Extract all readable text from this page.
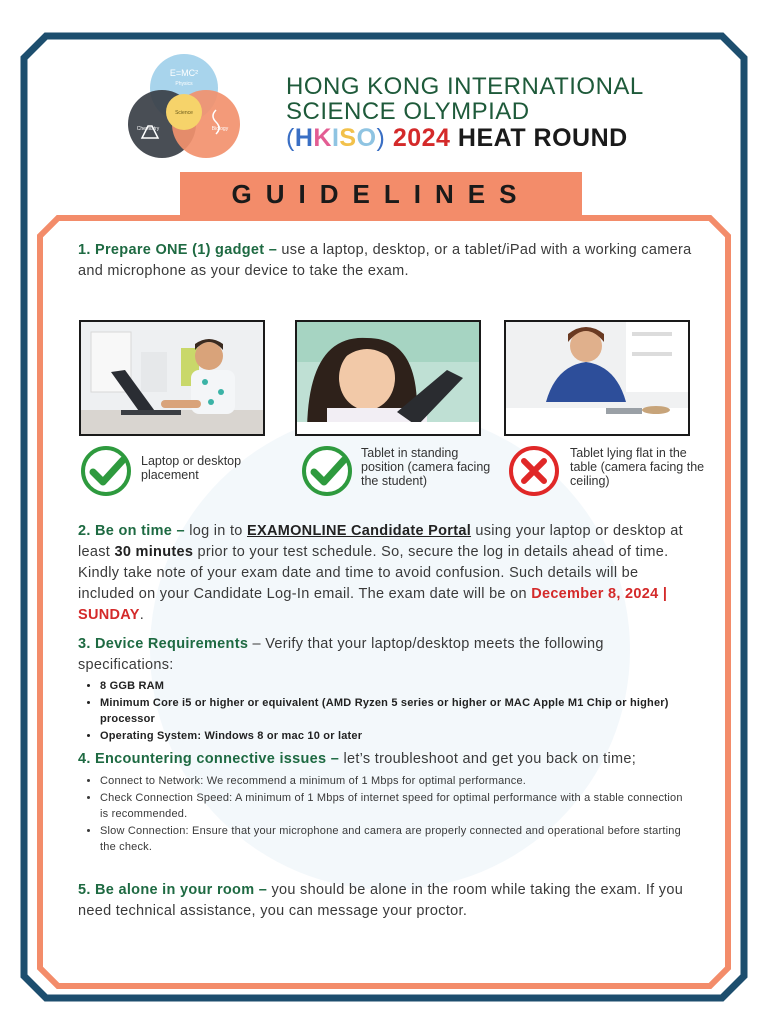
E=MC²
Physics
Chemistry	Biology
Science
HONG KONG INTERNATIONAL
SCIENCE OLYMPIAD
(HKISO) 2024 HEAT ROUND
GUIDELINES
1. Prepare ONE (1) gadget – use a laptop, desktop, or a tablet/iPad with a working camera and microphone as your device to take the exam.
Laptop or desktop placement
Tablet in standing position (camera facing the student)
Tablet lying flat in the table (camera facing the ceiling)
2. Be on time – log in to EXAMONLINE Candidate Portal using your laptop or desktop at least 30 minutes prior to your test schedule. So, secure the log in details ahead of time. Kindly take note of your exam date and time to avoid confusion. Such details will be included on your Candidate Log-In email. The exam date will be on December 8, 2024 | SUNDAY.
3. Device Requirements – Verify that your laptop/desktop meets the following specifications:
• 8 GGB RAM
• Minimum Core i5 or higher or equivalent (AMD Ryzen 5 series or higher or MAC Apple M1 Chip or higher) processor
• Operating System: Windows 8 or mac 10 or later
4. Encountering connective issues – let’s troubleshoot and get you back on time;
• Connect to Network: We recommend a minimum of 1 Mbps for optimal performance.
• Check Connection Speed: A minimum of 1 Mbps of internet speed for optimal performance with a stable connection is recommended.
• Slow Connection: Ensure that your microphone and camera are properly connected and operational before starting the check.
5. Be alone in your room – you should be alone in the room while taking the exam. If you need technical assistance, you can message your proctor.
